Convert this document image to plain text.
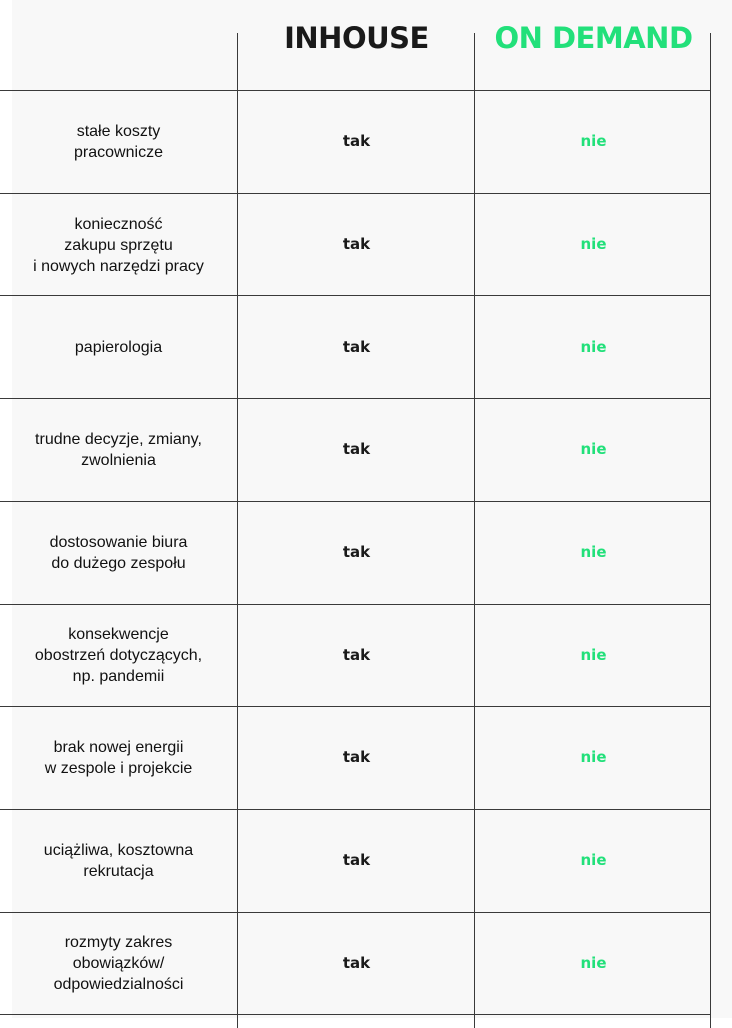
INHOUSE	ON DEMAND
stałe koszty
pracownicze
tak	nie
konieczność
zakupu sprzętu
i nowych narzędzi pracy
tak	nie
papierologia	tak	nie
trudne decyzje, zmiany,
zwolnienia
tak	nie
dostosowanie biura
do dużego zespołu
tak	nie
konsekwencje
obostrzeń dotyczących,
np. pandemii
tak	nie
brak nowej energii
w zespole i projekcie
tak	nie
uciążliwa, kosztowna
rekrutacja
tak	nie
rozmyty zakres
obowiązków/
odpowiedzialności
tak	nie
